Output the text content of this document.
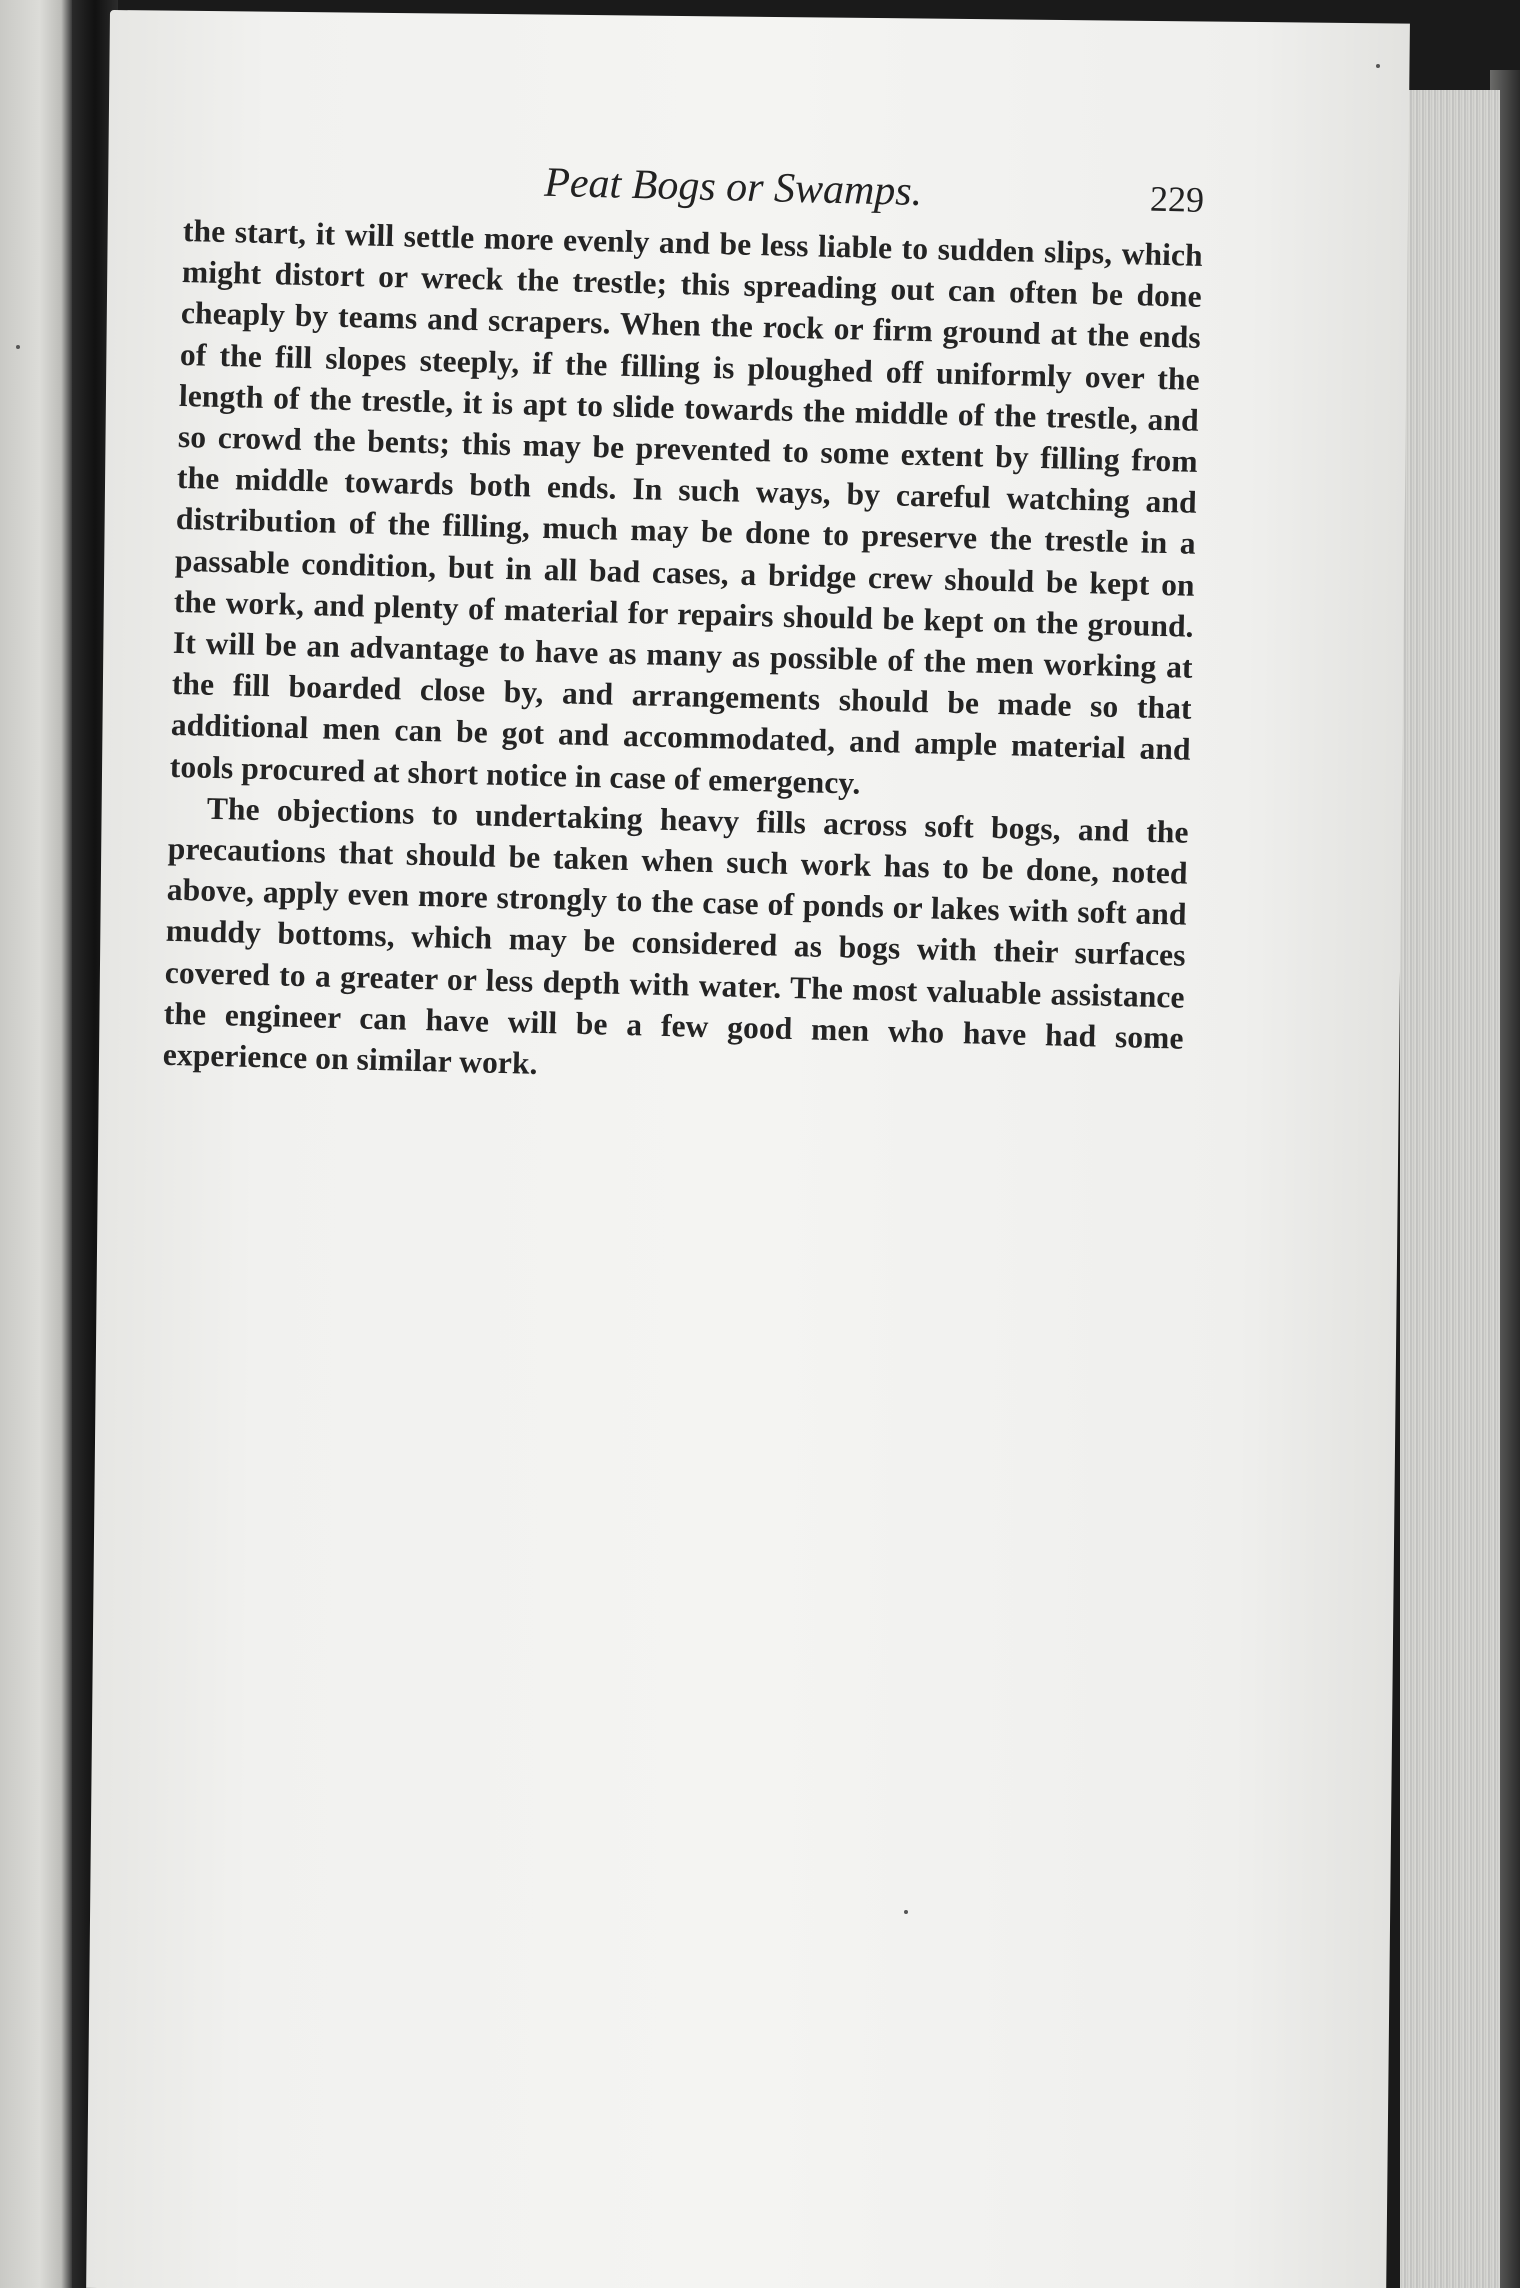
Peat Bogs or Swamps.	229

the start, it will settle more evenly and be less liable to sudden slips, which might distort or wreck the trestle; this spreading out can often be done cheaply by teams and scrapers. When the rock or firm ground at the ends of the fill slopes steeply, if the filling is ploughed off uniformly over the length of the trestle, it is apt to slide towards the middle of the trestle, and so crowd the bents; this may be prevented to some extent by filling from the middle towards both ends. In such ways, by careful watching and distribution of the filling, much may be done to preserve the trestle in a passable condition, but in all bad cases, a bridge crew should be kept on the work, and plenty of material for repairs should be kept on the ground. It will be an advantage to have as many as possible of the men working at the fill boarded close by, and arrangements should be made so that additional men can be got and accommodated, and ample material and tools procured at short notice in case of emergency.

The objections to undertaking heavy fills across soft bogs, and the precautions that should be taken when such work has to be done, noted above, apply even more strongly to the case of ponds or lakes with soft and muddy bottoms, which may be considered as bogs with their surfaces covered to a greater or less depth with water. The most valuable assistance the engineer can have will be a few good men who have had some experience on similar work.
